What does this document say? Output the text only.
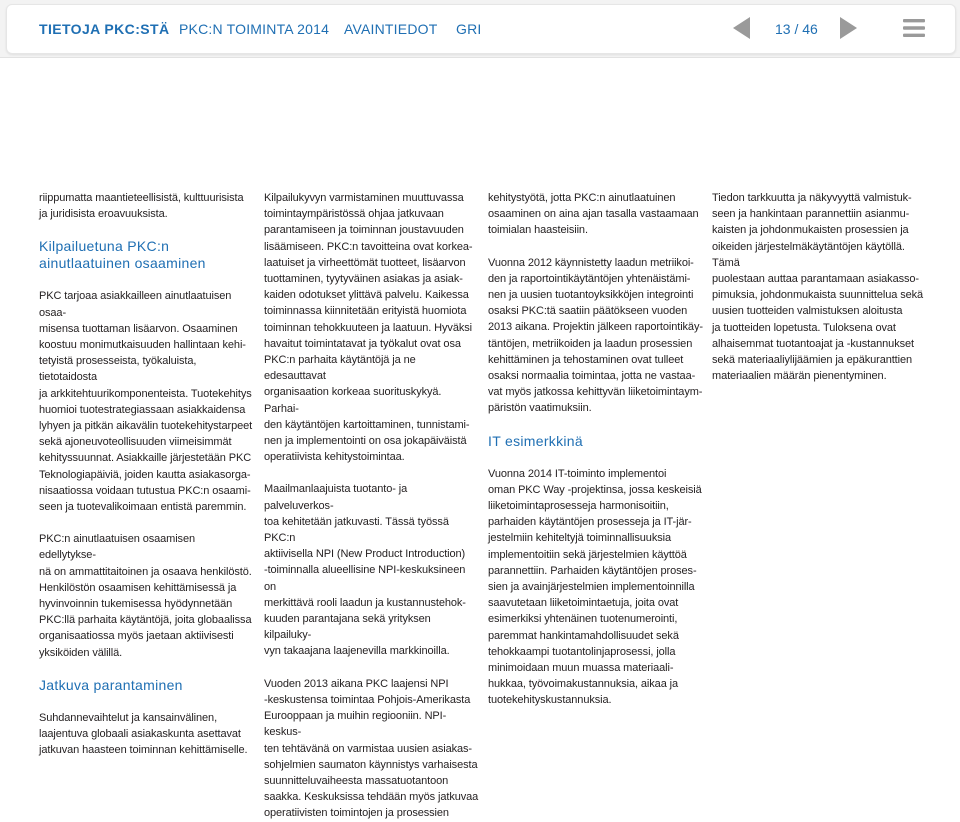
TIETOJA PKC:STÄ PKC:N TOIMINTA 2014 AVAINTIEDOT GRI	13 / 46

riippumatta maantieteellisistä, kulttuurisista
ja juridisista eroavuuksista.

Kilpailuetuna PKC:n
ainutlaatuinen osaaminen

PKC tarjoaa asiakkailleen ainutlaatuisen osaa-
misensa tuottaman lisäarvon. Osaaminen
koostuu monimutkaisuuden hallintaan kehi-
tetyistä prosesseista, työkaluista, tietotaidosta
ja arkkitehtuurikomponenteista. Tuotekehitys
huomioi tuotestrategiassaan asiakkaidensa
lyhyen ja pitkän aikavälin tuotekehitystarpeet
sekä ajoneuvoteollisuuden viimeisimmät
kehityssuunnat. Asiakkaille järjestetään PKC
Teknologiapäiviä, joiden kautta asiakasorga-
nisaatiossa voidaan tutustua PKC:n osaami-
seen ja tuotevalikoimaan entistä paremmin.

PKC:n ainutlaatuisen osaamisen edellytykse-
nä on ammattitaitoinen ja osaava henkilöstö.
Henkilöstön osaamisen kehittämisessä ja
hyvinvoinnin tukemisessa hyödynnetään
PKC:llä parhaita käytäntöjä, joita globaalissa
organisaatiossa myös jaetaan aktiivisesti
yksiköiden välillä.

Jatkuva parantaminen

Suhdannevaihtelut ja kansainvälinen,
laajentuva globaali asiakaskunta asettavat
jatkuvan haasteen toiminnan kehittämiselle.

Kilpailukyvyn varmistaminen muuttuvassa
toimintaympäristössä ohjaa jatkuvaan
parantamiseen ja toiminnan joustavuuden
lisäämiseen. PKC:n tavoitteina ovat korkea-
laatuiset ja virheettömät tuotteet, lisäarvon
tuottaminen, tyytyväinen asiakas ja asiak-
kaiden odotukset ylittävä palvelu. Kaikessa
toiminnassa kiinnitetään erityistä huomiota
toiminnan tehokkuuteen ja laatuun. Hyväksi
havaitut toimintatavat ja työkalut ovat osa
PKC:n parhaita käytäntöjä ja ne edesauttavat
organisaation korkeaa suorituskykyä. Parhai-
den käytäntöjen kartoittaminen, tunnistami-
nen ja implementointi on osa jokapäiväistä
operatiivista kehitystoimintaa.

Maailmanlaajuista tuotanto- ja palveluverkos-
toa kehitetään jatkuvasti. Tässä työssä PKC:n
aktiivisella NPI (New Product Introduction)
-toiminnalla alueellisine NPI-keskuksineen on
merkittävä rooli laadun ja kustannustehok-
kuuden parantajana sekä yrityksen kilpailuky-
vyn takaajana laajenevilla markkinoilla.

Vuoden 2013 aikana PKC laajensi NPI
-keskustensa toimintaa Pohjois-Amerikasta
Eurooppaan ja muihin regiooniin. NPI-keskus-
ten tehtävänä on varmistaa uusien asiakas-
sohjelmien saumaton käynnistys varhaisesta
suunnitteluvaiheesta massatuotantoon
saakka. Keskuksissa tehdään myös jatkuvaa
operatiivisten toimintojen ja prosessien

kehitystyötä, jotta PKC:n ainutlaatuinen
osaaminen on aina ajan tasalla vastaamaan
toimialan haasteisiin.

Vuonna 2012 käynnistetty laadun metriikoi-
den ja raportointikäytäntöjen yhtenäistämi-
nen ja uusien tuotantoyksikköjen integrointi
osaksi PKC:tä saatiin päätökseen vuoden
2013 aikana. Projektin jälkeen raportointikäy-
täntöjen, metriikoiden ja laadun prosessien
kehittäminen ja tehostaminen ovat tulleet
osaksi normaalia toimintaa, jotta ne vastaa-
vat myös jatkossa kehittyvän liiketoimintaym-
päristön vaatimuksiin.

IT esimerkkinä

Vuonna 2014 IT-toiminto implementoi
oman PKC Way -projektinsa, jossa keskeisiä
liiketoimintaprosesseja harmonisoitiin,
parhaiden käytäntöjen prosesseja ja IT-jär-
jestelmiin kehiteltyjä toiminnallisuuksia
implementoitiin sekä järjestelmien käyttöä
parannettiin. Parhaiden käytäntöjen proses-
sien ja avainjärjestelmien implementoinnilla
saavutetaan liiketoimintaetuja, joita ovat
esimerkiksi yhtenäinen tuotenumerointi,
paremmat hankintamahdollisuudet sekä
tehokkaampi tuotantolinjaprosessi, jolla
minimoidaan muun muassa materiaali-
hukkaa, työvoimakustannuksia, aikaa ja
tuotekehityskustannuksia.

Tiedon tarkkuutta ja näkyvyyttä valmistuk-
seen ja hankintaan parannettiin asianmu-
kaisten ja johdonmukaisten prosessien ja
oikeiden järjestelmäkäytäntöjen käytöllä. Tämä
puolestaan auttaa parantamaan asiakasso-
pimuksia, johdonmukaista suunnittelua sekä
uusien tuotteiden valmistuksen aloitusta
ja tuotteiden lopetusta. Tuloksena ovat
alhaisemmat tuotantoajat ja -kustannukset
sekä materiaaliylijäämien ja epäkuranttien
materiaalien määrän pienentyminen.
